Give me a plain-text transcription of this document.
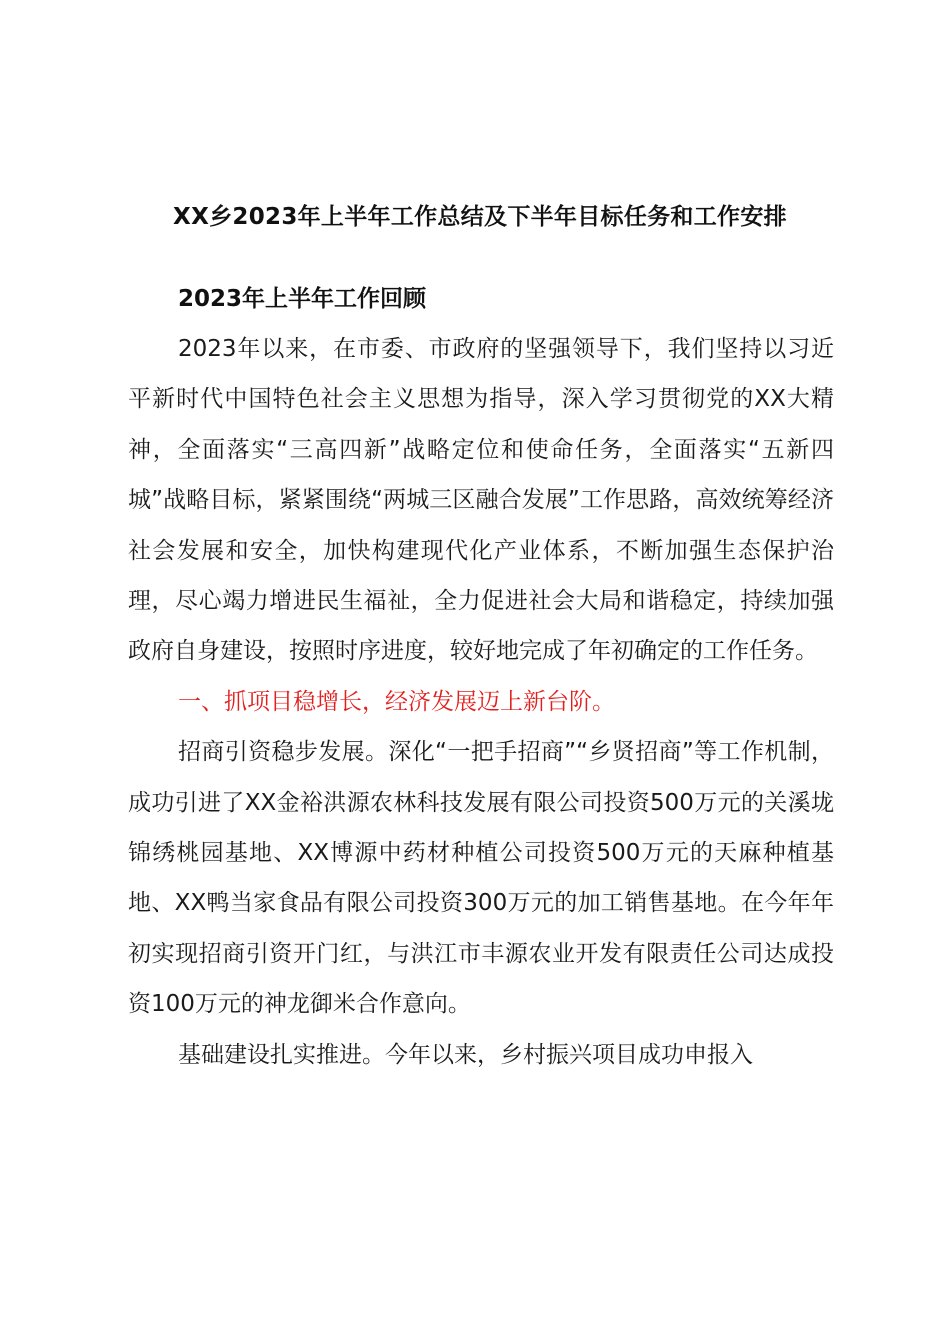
XX乡2023年上半年工作总结及下半年目标任务和工作安排

2023年上半年工作回顾

2023年以来，在市委、市政府的坚强领导下，我们坚持以习近平新时代中国特色社会主义思想为指导，深入学习贯彻党的XX大精神，全面落实“三高四新”战略定位和使命任务，全面落实“五新四城”战略目标，紧紧围绕“两城三区融合发展”工作思路，高效统筹经济社会发展和安全，加快构建现代化产业体系，不断加强生态保护治理，尽心竭力增进民生福祉，全力促进社会大局和谐稳定，持续加强政府自身建设，按照时序进度，较好地完成了年初确定的工作任务。

一、抓项目稳增长，经济发展迈上新台阶。

招商引资稳步发展。深化“一把手招商”“乡贤招商”等工作机制，成功引进了XX金裕洪源农林科技发展有限公司投资500万元的关溪垅锦绣桃园基地、XX博源中药材种植公司投资500万元的天麻种植基地、XX鸭当家食品有限公司投资300万元的加工销售基地。在今年年初实现招商引资开门红，与洪江市丰源农业开发有限责任公司达成投资100万元的神龙御米合作意向。

基础建设扎实推进。今年以来，乡村振兴项目成功申报入
